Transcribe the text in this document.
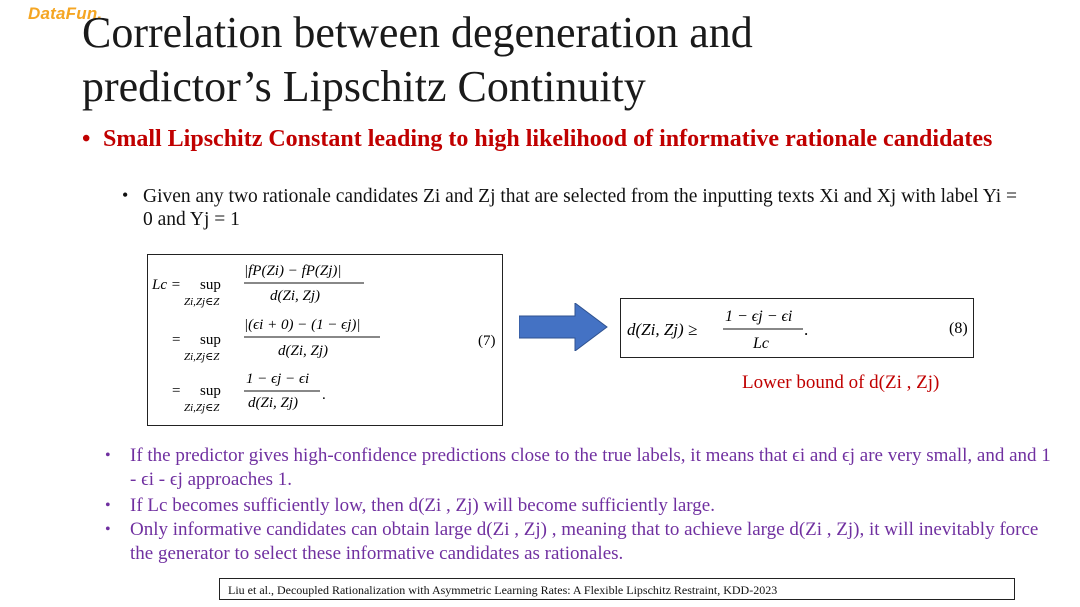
DataFun.
Correlation between degeneration and
predictor’s Lipschitz Continuity
• Small Lipschitz Constant leading to high likelihood of informative rationale candidates
• Given any two rationale candidates Zi and Zj that are selected from the inputting texts Xi and Xj with label Yi = 0 and Yj = 1
Lc = sup
Zi,Zj∈Z
|fP(Zi) − fP(Zj)|
d(Zi, Zj)
= sup
Zi,Zj∈Z
|(ϵi + 0) − (1 − ϵj)|
d(Zi, Zj)
= sup
Zi,Zj∈Z
1 − ϵj − ϵi
d(Zi, Zj) .
(7)
d(Zi, Zj) ≥
1 − ϵj − ϵi
Lc
.	(8)
Lower bound of d(Zi , Zj)
•	If the predictor gives high-confidence predictions close to the true labels, it means that ϵi and ϵj are very small, and and 1 - ϵi - ϵj approaches 1.
•	If Lc becomes sufficiently low, then d(Zi , Zj) will become sufficiently large.
•	Only informative candidates can obtain large d(Zi , Zj) , meaning that to achieve large d(Zi , Zj), it will inevitably force the generator to select these informative candidates as rationales.
Liu et al., Decoupled Rationalization with Asymmetric Learning Rates: A Flexible Lipschitz Restraint, KDD-2023
